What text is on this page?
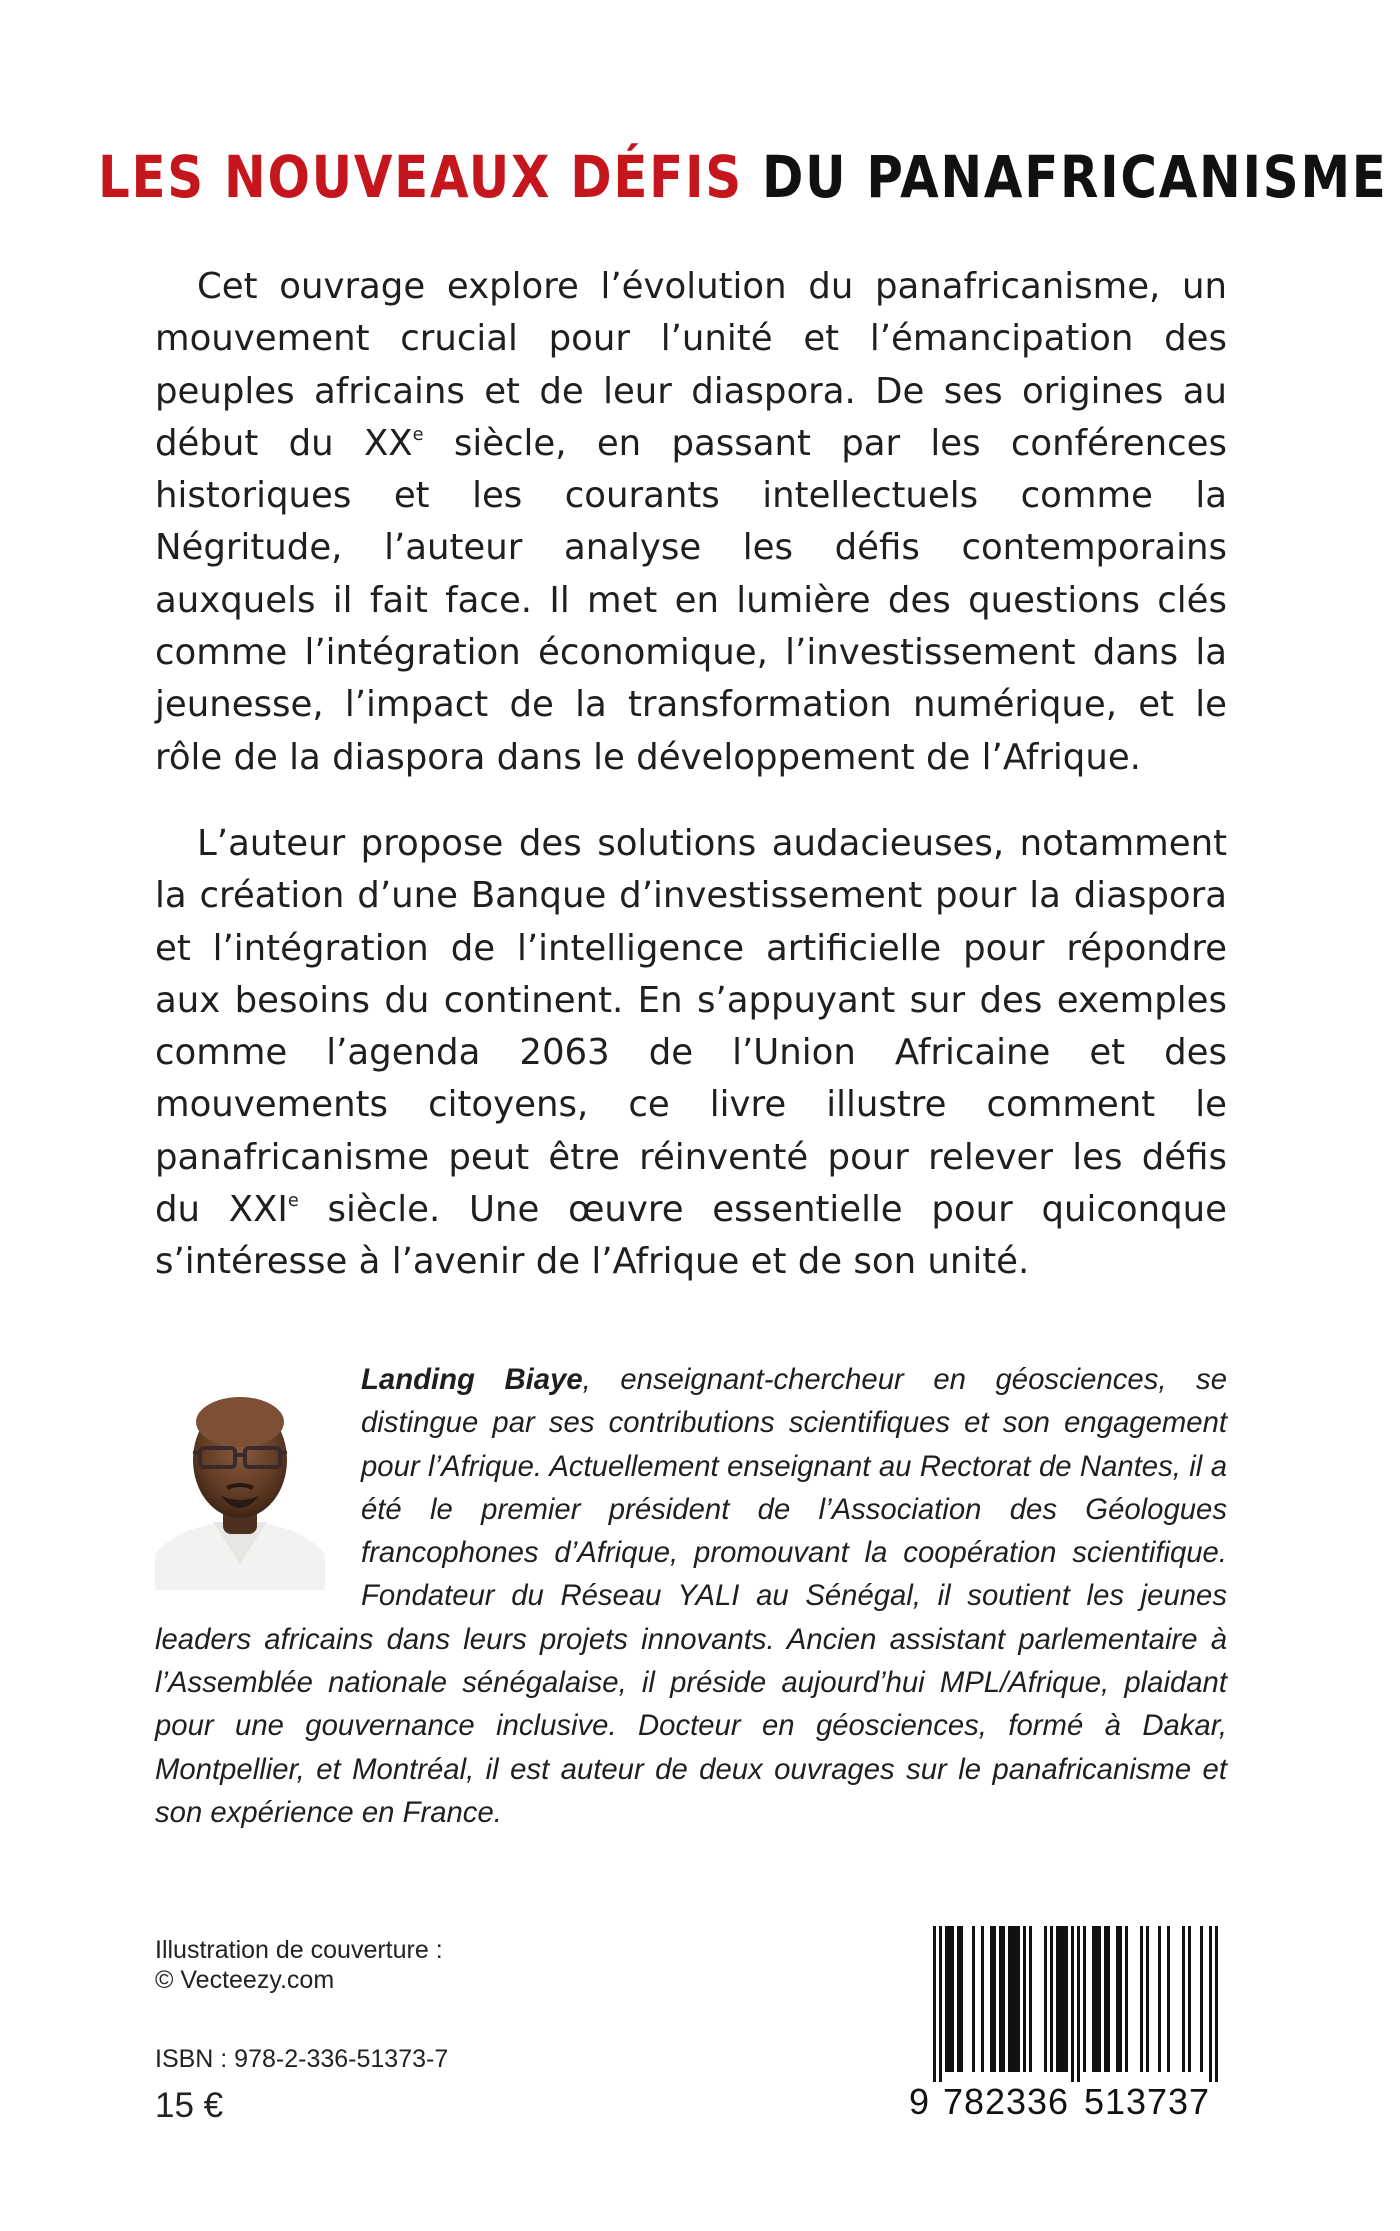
LES NOUVEAUX DÉFIS DU PANAFRICANISME

Cet ouvrage explore l’évolution du panafricanisme, un mouvement crucial pour l’unité et l’émancipation des peuples africains et de leur diaspora. De ses origines au début du XXe siècle, en passant par les conférences historiques et les courants intellectuels comme la Négritude, l’auteur analyse les défis contemporains auxquels il fait face. Il met en lumière des questions clés comme l’intégration économique, l’investissement dans la jeunesse, l’impact de la transformation numérique, et le rôle de la diaspora dans le développement de l’Afrique.

L’auteur propose des solutions audacieuses, notamment la création d’une Banque d’investissement pour la diaspora et l’intégration de l’intelligence artificielle pour répondre aux besoins du continent. En s’appuyant sur des exemples comme l’agenda 2063 de l’Union Africaine et des mouvements citoyens, ce livre illustre comment le panafricanisme peut être réinventé pour relever les défis du XXIe siècle. Une œuvre essentielle pour quiconque s’intéresse à l’avenir de l’Afrique et de son unité.

Landing Biaye, enseignant-chercheur en géosciences, se distingue par ses contributions scientifiques et son engagement pour l’Afrique. Actuellement enseignant au Rectorat de Nantes, il a été le premier président de l’Association des Géologues francophones d’Afrique, promouvant la coopération scientifique. Fondateur du Réseau YALI au Sénégal, il soutient les jeunes leaders africains dans leurs projets innovants. Ancien assistant parlementaire à l’Assemblée nationale sénégalaise, il préside aujourd’hui MPL/Afrique, plaidant pour une gouvernance inclusive. Docteur en géosciences, formé à Dakar, Montpellier, et Montréal, il est auteur de deux ouvrages sur le panafricanisme et son expérience en France.
Illustration de couverture :
© Vecteezy.com
ISBN : 978-2-336-51373-7
15 €	9 7 8 2 3 3 6 5 1 3 7 3 7
